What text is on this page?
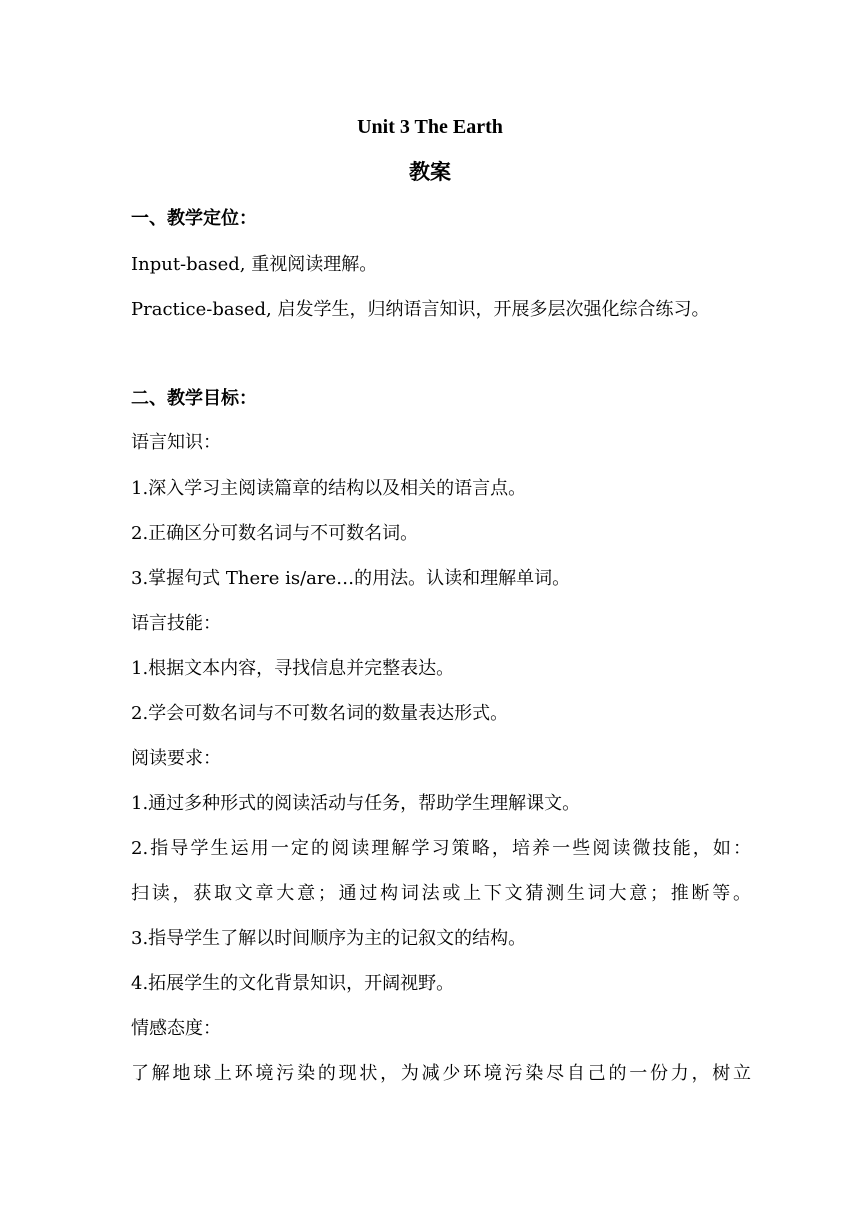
Unit 3 The Earth
教案
一、教学定位：
Input-based, 重视阅读理解。
Practice-based, 启发学生，归纳语言知识，开展多层次强化综合练习。
二、教学目标：
语言知识：
1.深入学习主阅读篇章的结构以及相关的语言点。
2.正确区分可数名词与不可数名词。
3.掌握句式 There is/are…的用法。认读和理解单词。
语言技能：
1.根据文本内容，寻找信息并完整表达。
2.学会可数名词与不可数名词的数量表达形式。
阅读要求：
1.通过多种形式的阅读活动与任务，帮助学生理解课文。
2.指导学生运用一定的阅读理解学习策略，培养一些阅读微技能，如：
扫读，获取文章大意；通过构词法或上下文猜测生词大意；推断等。
3.指导学生了解以时间顺序为主的记叙文的结构。
4.拓展学生的文化背景知识，开阔视野。
情感态度：
了解地球上环境污染的现状，为减少环境污染尽自己的一份力，树立
